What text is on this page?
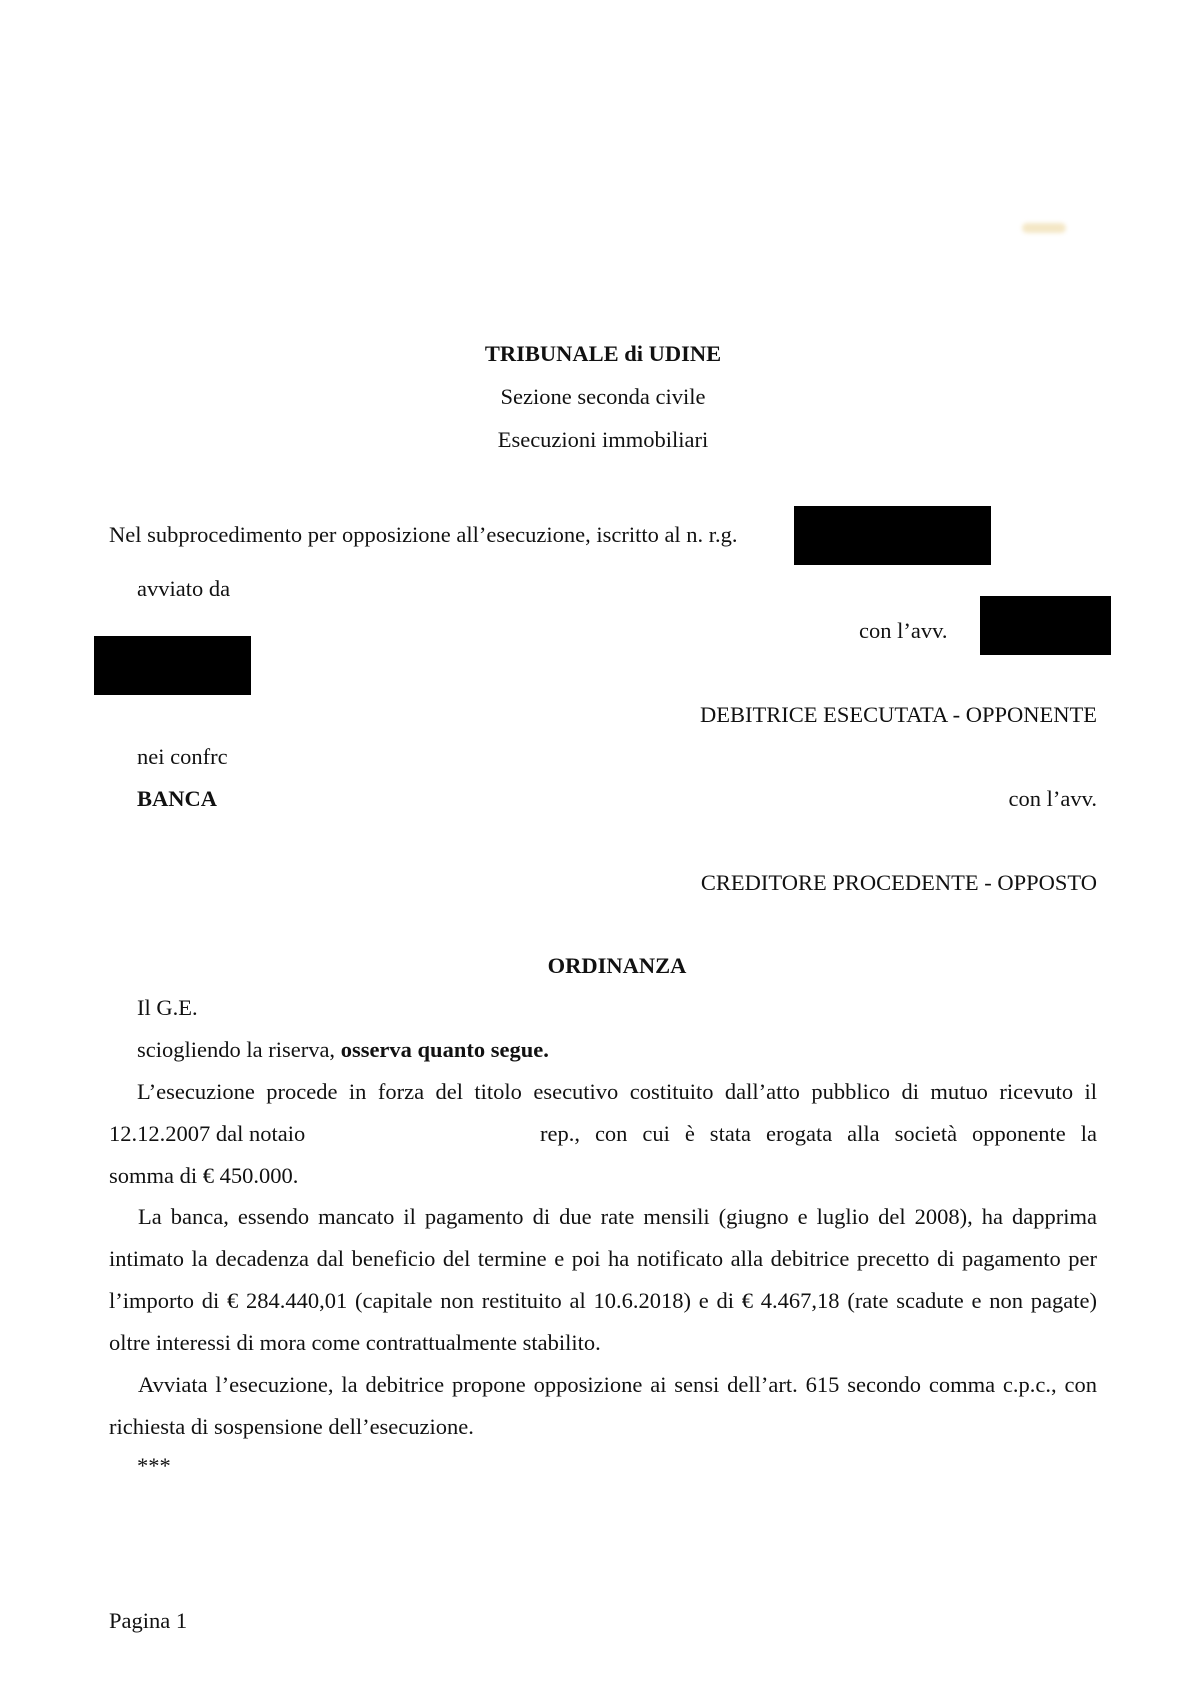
TRIBUNALE di UDINE
Sezione seconda civile
Esecuzioni immobiliari
Nel subprocedimento per opposizione all’esecuzione, iscritto al n. r.g.
avviato da
con l’avv.
DEBITRICE ESECUTATA - OPPONENTE
nei confrc
BANCA	con l’avv.
CREDITORE PROCEDENTE - OPPOSTO
ORDINANZA
Il G.E.
sciogliendo la riserva, osserva quanto segue.
L’esecuzione procede in forza del titolo esecutivo costituito dall’atto pubblico di mutuo ricevuto il
12.12.2007 dal notaio	rep., con cui è stata erogata alla società opponente la
somma di € 450.000.
La banca, essendo mancato il pagamento di due rate mensili (giugno e luglio del 2008), ha dapprima intimato la decadenza dal beneficio del termine e poi ha notificato alla debitrice precetto di pagamento per l’importo di € 284.440,01 (capitale non restituito al 10.6.2018) e di € 4.467,18 (rate scadute e non pagate) oltre interessi di mora come contrattualmente stabilito.
Avviata l’esecuzione, la debitrice propone opposizione ai sensi dell’art. 615 secondo comma c.p.c., con richiesta di sospensione dell’esecuzione.
***
Pagina 1
